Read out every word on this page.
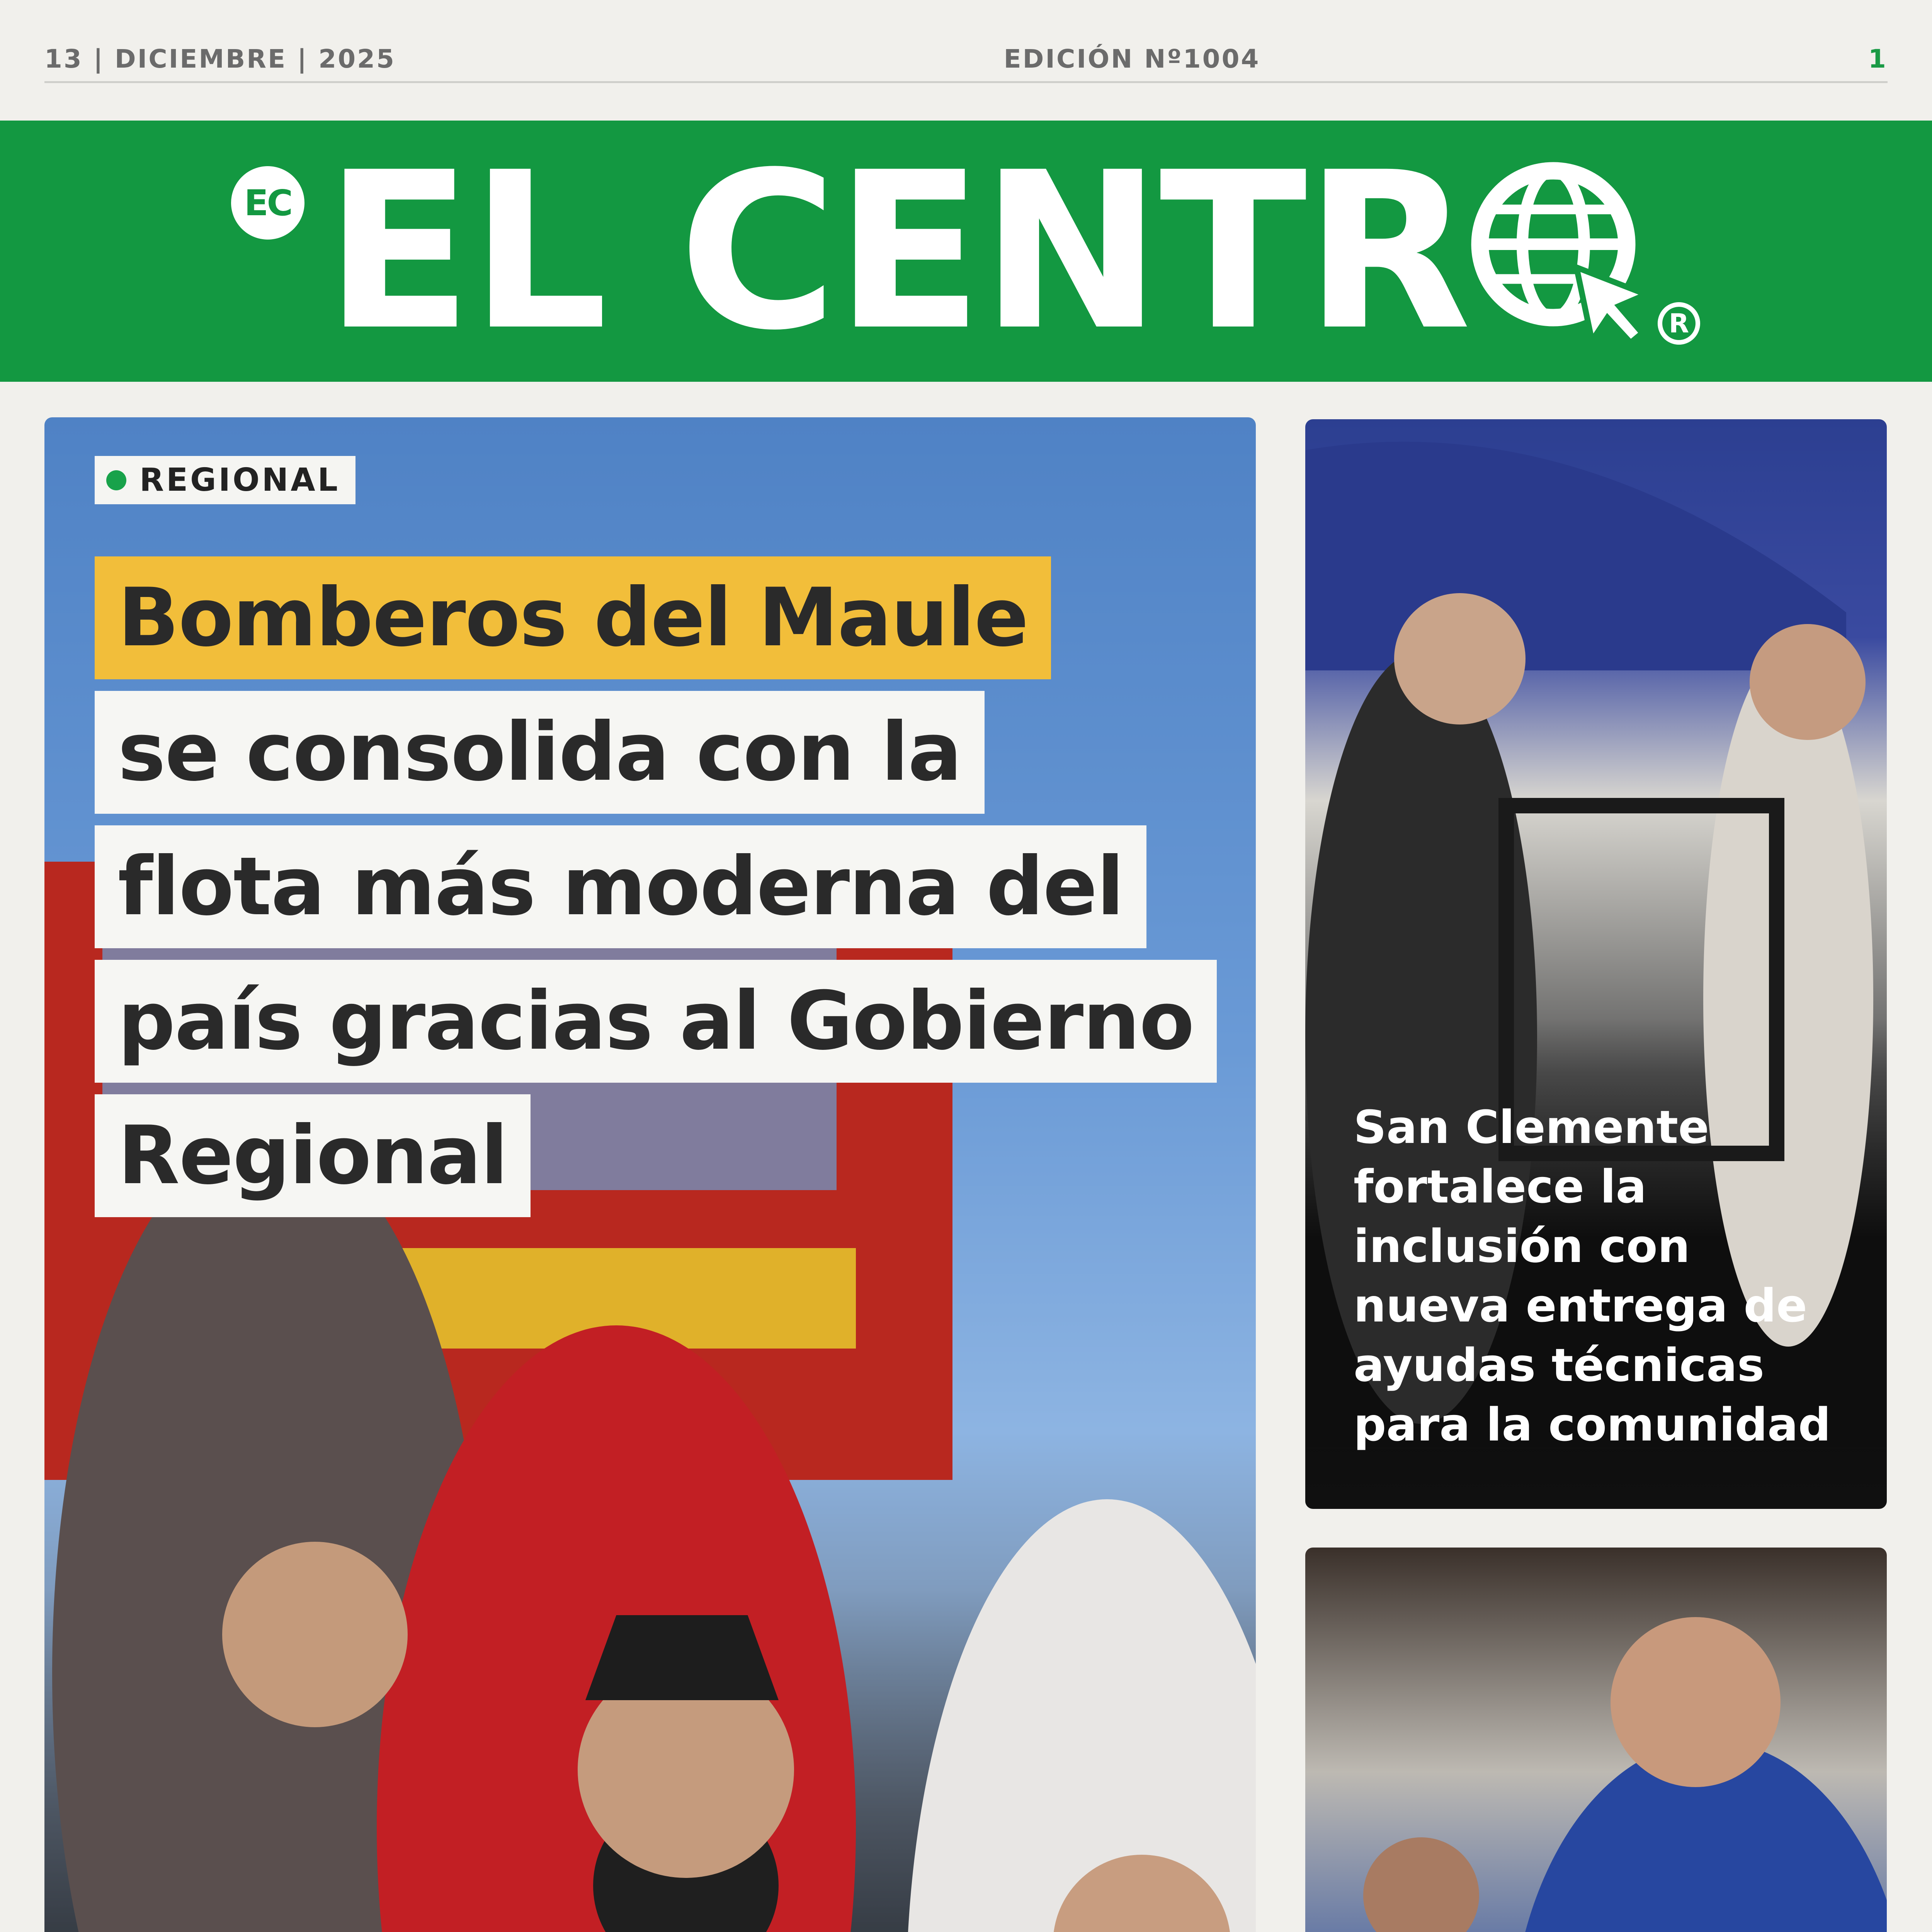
13 | DICIEMBRE | 2025	EDICIÓN Nº1004	1
EC EL CENTR	R
REGIONAL
Bomberos del Maule
se consolida con la
flota más moderna del
país gracias al Gobierno
Regional	San Clemente
fortalece la
inclusión con
nueva entrega de
ayudas técnicas
para la comunidad
